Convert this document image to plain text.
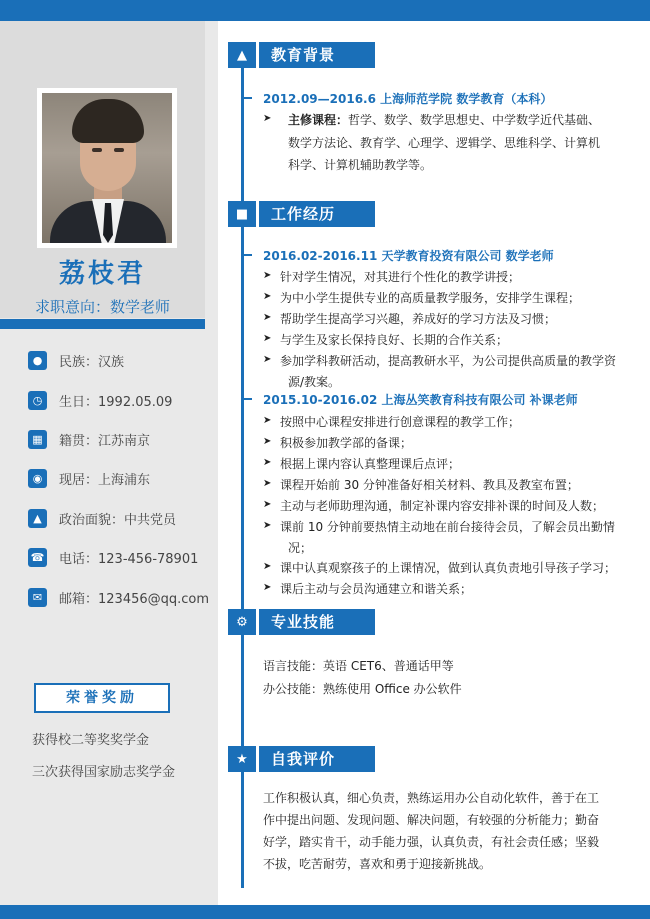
荔枝君
求职意向：数学老师
●	民族：汉族
◷	生日：1992.05.09
▦	籍贯：江苏南京
◉	现居：上海浦东
▲	政治面貌：中共党员
☎ 电话：123-456-78901
✉	邮箱：123456@qq.com
荣誉奖励
获得校二等奖奖学金
三次获得国家励志奖学金
▲	教育背景
2012.09—2016.6 上海师范学院 数学教育（本科）
➤ 主修课程： 哲学、数学、数学思想史、中学数学近代基础、
数学方法论、教育学、心理学、逻辑学、思维科学、计算机
科学、计算机辅助教学等。
■	工作经历
2016.02-2016.11 天学教育投资有限公司 数学老师
➤ 针对学生情况，对其进行个性化的教学讲授；
➤ 为中小学生提供专业的高质量教学服务，安排学生课程；
➤ 帮助学生提高学习兴趣，养成好的学习方法及习惯；
➤ 与学生及家长保持良好、长期的合作关系；
➤ 参加学科教研活动，提高教研水平，为公司提供高质量的教学资
源/教案。
2015.10-2016.02 上海丛笑教育科技有限公司 补课老师
➤ 按照中心课程安排进行创意课程的教学工作；
➤ 积极参加教学部的备课；
➤ 根据上课内容认真整理课后点评；
➤ 课程开始前 30 分钟准备好相关材料、教具及教室布置；
➤ 主动与老师助理沟通，制定补课内容安排补课的时间及人数；
➤ 课前 10 分钟前要热情主动地在前台接待会员，了解会员出勤情
况；
➤ 课中认真观察孩子的上课情况，做到认真负责地引导孩子学习；
➤ 课后主动与会员沟通建立和谐关系；
⚙	专业技能
语言技能：英语 CET6、普通话甲等
办公技能：熟练使用 Office 办公软件
★	自我评价
工作积极认真，细心负责，熟练运用办公自动化软件，善于在工
作中提出问题、发现问题、解决问题，有较强的分析能力；勤奋
好学，踏实肯干，动手能力强，认真负责，有社会责任感；坚毅
不拔，吃苦耐劳，喜欢和勇于迎接新挑战。
